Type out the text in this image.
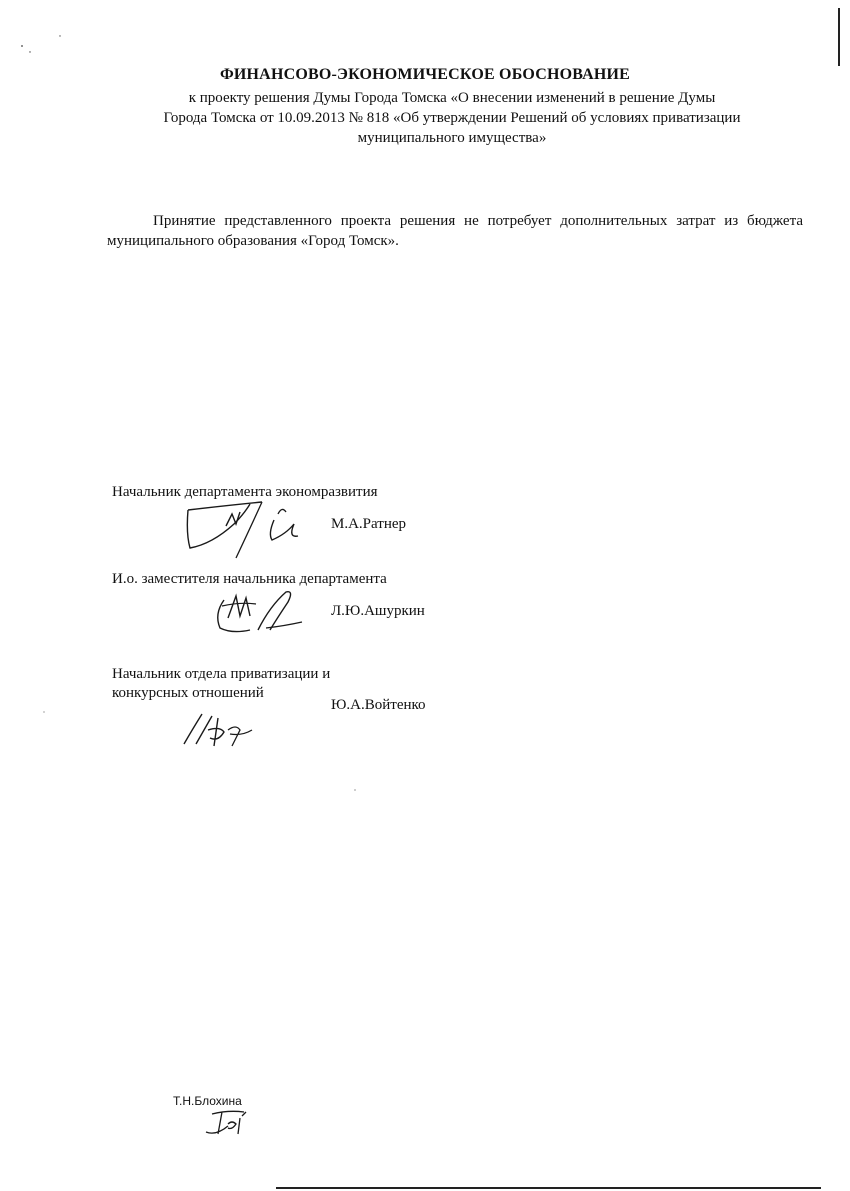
ФИНАНСОВО-ЭКОНОМИЧЕСКОЕ ОБОСНОВАНИЕ
к проекту решения Думы Города Томска «О внесении изменений в решение Думы
Города Томска от 10.09.2013 № 818 «Об утверждении Решений об условиях приватизации
муниципального имущества»
Принятие представленного проекта решения не потребует дополнительных затрат из бюджета муниципального образования «Город Томск».
Начальник департамента экономразвития
М.А.Ратнер
И.о. заместителя начальника департамента
Л.Ю.Ашуркин
Начальник отдела приватизации и
конкурсных отношений
Ю.А.Войтенко
Т.Н.Блохина
